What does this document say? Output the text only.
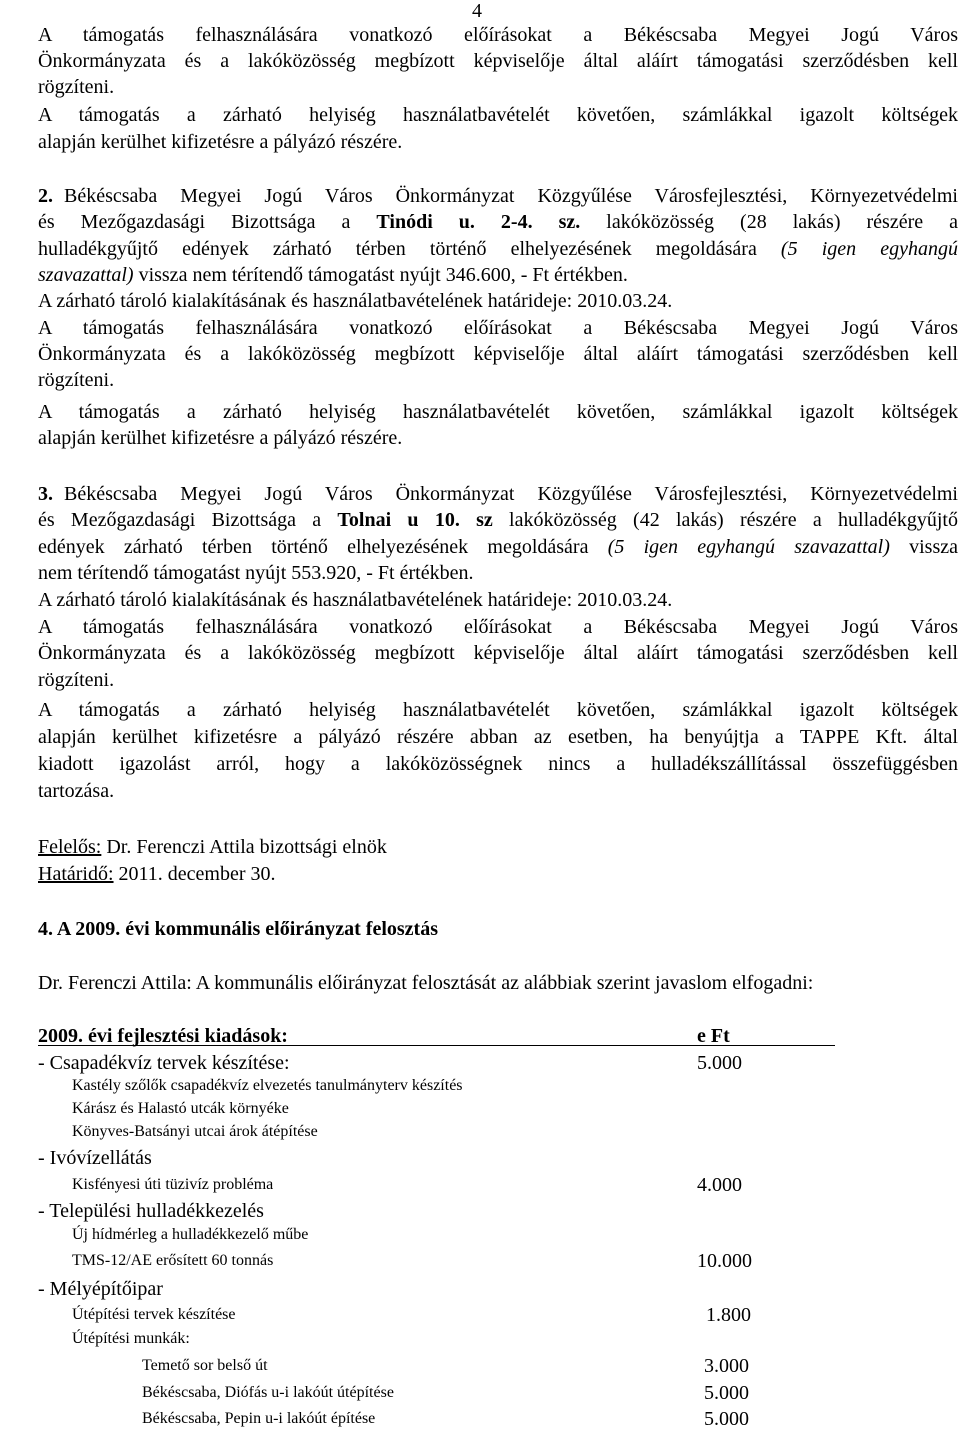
4
A támogatás felhasználására vonatkozó előírásokat a Békéscsaba Megyei Jogú Város
Önkormányzata és a lakóközösség megbízott képviselője által aláírt támogatási szerződésben kell
rögzíteni.
A támogatás a zárható helyiség használatbavételét követően, számlákkal igazolt költségek
alapján kerülhet kifizetésre a pályázó részére.
2. Békéscsaba Megyei Jogú Város Önkormányzat Közgyűlése Városfejlesztési, Környezetvédelmi
és Mezőgazdasági Bizottsága a Tinódi u. 2-4. sz. lakóközösség (28 lakás) részére a
hulladékgyűjtő edények zárható térben történő elhelyezésének megoldására (5 igen egyhangú
szavazattal) vissza nem térítendő támogatást nyújt 346.600, - Ft értékben.
A zárható tároló kialakításának és használatbavételének határideje: 2010.03.24.
A támogatás felhasználására vonatkozó előírásokat a Békéscsaba Megyei Jogú Város
Önkormányzata és a lakóközösség megbízott képviselője által aláírt támogatási szerződésben kell
rögzíteni.
A támogatás a zárható helyiség használatbavételét követően, számlákkal igazolt költségek
alapján kerülhet kifizetésre a pályázó részére.
3. Békéscsaba Megyei Jogú Város Önkormányzat Közgyűlése Városfejlesztési, Környezetvédelmi
és Mezőgazdasági Bizottsága a Tolnai u 10. sz lakóközösség (42 lakás) részére a hulladékgyűjtő
edények zárható térben történő elhelyezésének megoldására (5 igen egyhangú szavazattal) vissza
nem térítendő támogatást nyújt 553.920, - Ft értékben.
A zárható tároló kialakításának és használatbavételének határideje: 2010.03.24.
A támogatás felhasználására vonatkozó előírásokat a Békéscsaba Megyei Jogú Város
Önkormányzata és a lakóközösség megbízott képviselője által aláírt támogatási szerződésben kell
rögzíteni.
A támogatás a zárható helyiség használatbavételét követően, számlákkal igazolt költségek
alapján kerülhet kifizetésre a pályázó részére abban az esetben, ha benyújtja a TAPPE Kft. által
kiadott igazolást arról, hogy a lakóközösségnek nincs a hulladékszállítással összefüggésben
tartozása.
Felelős: Dr. Ferenczi Attila bizottsági elnök
Határidő: 2011. december 30.
4. A 2009. évi kommunális előirányzat felosztás
Dr. Ferenczi Attila: A kommunális előirányzat felosztását az alábbiak szerint javaslom elfogadni:
2009. évi fejlesztési kiadások:	e Ft
- Csapadékvíz tervek készítése:	5.000
Kastély szőlők csapadékvíz elvezetés tanulmányterv készítés
Kárász és Halastó utcák környéke
Könyves-Batsányi utcai árok átépítése
- Ivóvízellátás
Kisfényesi úti tüzivíz probléma	4.000
- Települési hulladékkezelés
Új hídmérleg a hulladékkezelő műbe
TMS-12/AE erősített 60 tonnás	10.000
- Mélyépítőipar
Útépítési tervek készítése	1.800
Útépítési munkák:
Temető sor belső út	3.000
Békéscsaba, Diófás u-i lakóút útépítése	5.000
Békéscsaba, Pepin u-i lakóút építése	5.000
